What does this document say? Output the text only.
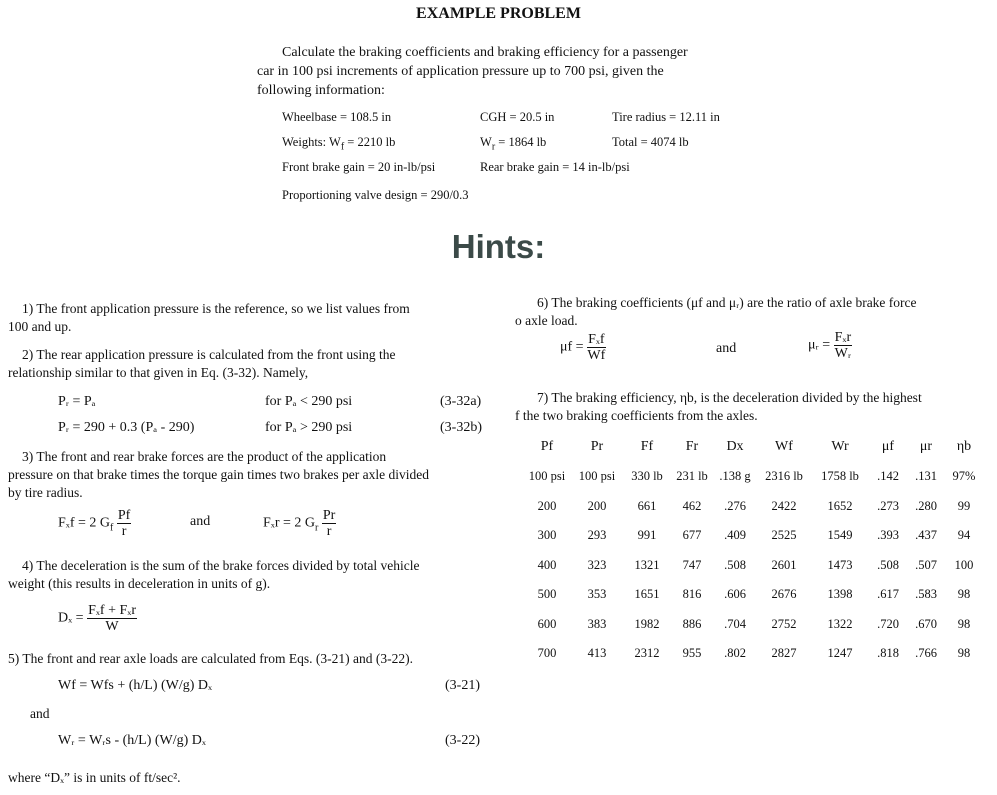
EXAMPLE PROBLEM
Calculate the braking coefficients and braking efficiency for a passenger
car in 100 psi increments of application pressure up to 700 psi, given the
following information:
Wheelbase = 108.5 in	CGH = 20.5 in	Tire radius = 12.11 in
Weights: $W_f = 2210$ lb	$W_r = 1864$ lb	Total = 4074 lb
Front brake gain = 20 in-lb/psi	Rear brake gain = 14 in-lb/psi
Proportioning valve design = 290/0.3
Hints:
1) The front application pressure is the reference, so we list values from
100 and up.
2) The rear application pressure is calculated from the front using the
relationship similar to that given in Eq. (3-32). Namely,
Pᵣ = Pₐ	for Pₐ < 290 psi	(3-32a)
Pᵣ = 290 + 0.3 (Pₐ - 290)	for Pₐ > 290 psi	(3-32b)
3) The front and rear brake forces are the product of the application
pressure on that brake times the torque gain times two brakes per axle divided
by tire radius.
Fₓf = 2 $G_f \frac{Pf}{r}$	and	Fₓr = 2 $G_r \frac{Pr}{r}$
4) The deceleration is the sum of the brake forces divided by total vehicle
weight (this results in deceleration in units of g).
$D_x = \frac{\text{Fₓf + Fₓr}}{W}$
5) The front and rear axle loads are calculated from Eqs. (3-21) and (3-22).
Wf = Wfs + (h/L) (W/g) Dₓ	(3-21)
and
Wᵣ = Wᵣs - (h/L) (W/g) Dₓ	(3-22)
where “Dₓ” is in units of ft/sec².
6) The braking coefficients (μf and μᵣ) are the ratio of axle brake force
o axle load.
$\mu f = \frac{\text{Fₓf}}{Wf}$	and	μᵣ = $\frac{\text{Fₓr}}{\text{Wᵣ}}$
7) The braking efficiency, ηb, is the deceleration divided by the highest
f the two braking coefficients from the axles.
Pf	Pr	Ff	Fr	Dx	Wf	Wr	μf	μr	ηb
100 psi	100 psi	330 lb	231 lb	.138 g	2316 lb	1758 lb	.142	.131	97%
200	200	661	462	.276	2422	1652	.273	.280	99
300	293	991	677	.409	2525	1549	.393	.437	94
400	323	1321	747	.508	2601	1473	.508	.507	100
500	353	1651	816	.606	2676	1398	.617	.583	98
600	383	1982	886	.704	2752	1322	.720	.670	98
700	413	2312	955	.802	2827	1247	.818	.766	98
